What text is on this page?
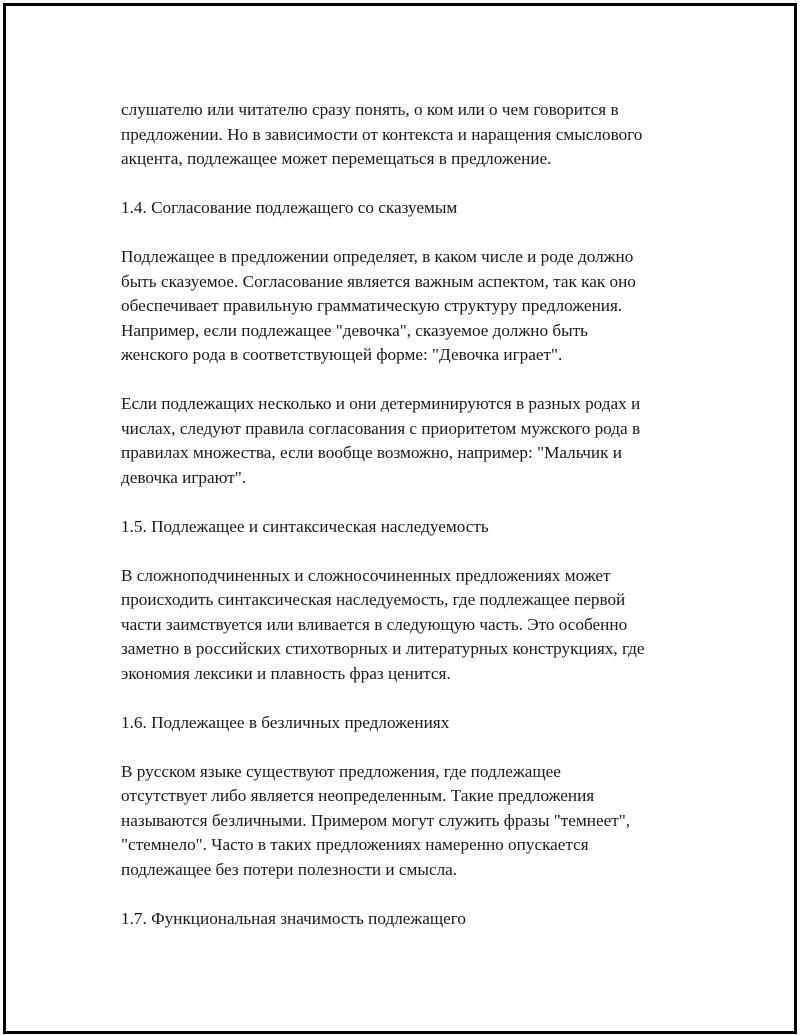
слушателю или читателю сразу понять, о ком или о чем говорится в
предложении. Но в зависимости от контекста и наращения смыслового
акцента, подлежащее может перемещаться в предложение.
1.4. Согласование подлежащего со сказуемым
Подлежащее в предложении определяет, в каком числе и роде должно
быть сказуемое. Согласование является важным аспектом, так как оно
обеспечивает правильную грамматическую структуру предложения.
Например, если подлежащее "девочка", сказуемое должно быть
женского рода в соответствующей форме: "Девочка играет".
Если подлежащих несколько и они детерминируются в разных родах и
числах, следуют правила согласования с приоритетом мужского рода в
правилах множества, если вообще возможно, например: "Мальчик и
девочка играют".
1.5. Подлежащее и синтаксическая наследуемость
В сложноподчиненных и сложносочиненных предложениях может
происходить синтаксическая наследуемость, где подлежащее первой
части заимствуется или вливается в следующую часть. Это особенно
заметно в российских стихотворных и литературных конструкциях, где
экономия лексики и плавность фраз ценится.
1.6. Подлежащее в безличных предложениях
В русском языке существуют предложения, где подлежащее
отсутствует либо является неопределенным. Такие предложения
называются безличными. Примером могут служить фразы "темнеет",
"стемнело". Часто в таких предложениях намеренно опускается
подлежащее без потери полезности и смысла.
1.7. Функциональная значимость подлежащего
